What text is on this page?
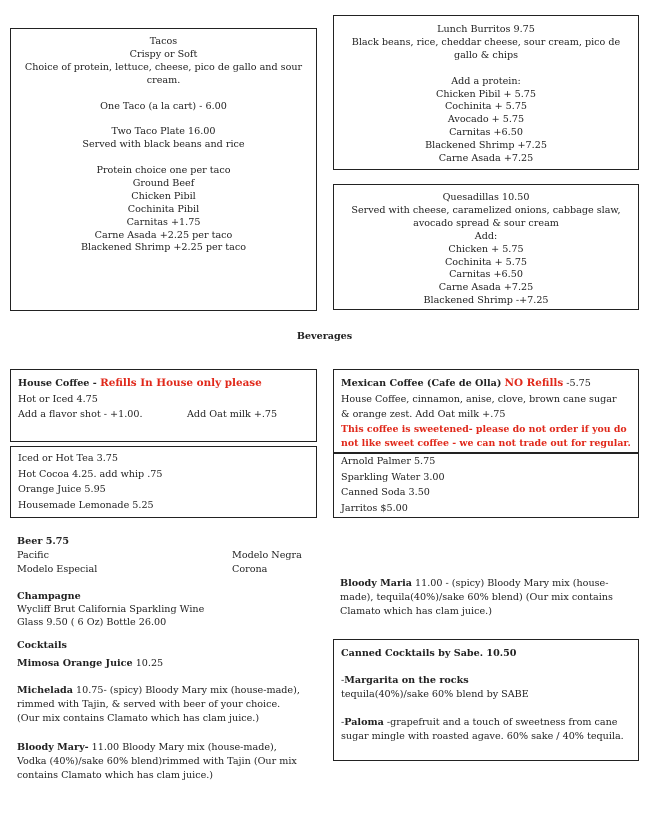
Tacos
Crispy or Soft
Choice of protein, lettuce, cheese, pico de gallo and sour
cream.
One Taco (a la cart) - 6.00
Two Taco Plate 16.00
Served with black beans and rice
Protein choice one per taco
Ground Beef
Chicken Pibil
Cochinita Pibil
Carnitas +1.75
Carne Asada +2.25 per taco
Blackened Shrimp +2.25 per taco
Lunch Burritos 9.75
Black beans, rice, cheddar cheese, sour cream, pico de
gallo & chips
Add a protein:
Chicken Pibil + 5.75
Cochinita + 5.75
Avocado + 5.75
Carnitas +6.50
Blackened Shrimp +7.25
Carne Asada +7.25
Quesadillas 10.50
Served with cheese, caramelized onions, cabbage slaw,
avocado spread & sour cream
Add:
Chicken + 5.75
Cochinita + 5.75
Carnitas +6.50
Carne Asada +7.25
Blackened Shrimp -+7.25
Beverages
House Coffee - Refills In House only please
Hot or Iced 4.75
Add a flavor shot - +1.00.	Add Oat milk +.75
Mexican Coffee (Cafe de Olla) NO Refills -5.75
House Coffee, cinnamon, anise, clove, brown cane sugar
& orange zest. Add Oat milk +.75
This coffee is sweetened- please do not order if you do
not like sweet coffee - we can not trade out for regular.
Iced or Hot Tea 3.75
Hot Cocoa 4.25. add whip .75
Orange Juice 5.95
Housemade Lemonade 5.25
Arnold Palmer 5.75
Sparkling Water 3.00
Canned Soda 3.50
Jarritos $5.00
Beer 5.75
Pacific	Modelo Negra
Modelo Especial	Corona
Champagne
Wycliff Brut California Sparkling Wine
Glass 9.50 ( 6 Oz) Bottle 26.00
Cocktails
Mimosa Orange Juice 10.25
Michelada 10.75- (spicy) Bloody Mary mix (house-made), rimmed with Tajin, & served with beer of your choice. (Our mix contains Clamato which has clam juice.)
Bloody Mary- 11.00 Bloody Mary mix (house-made), Vodka (40%)/sake 60% blend)rimmed with Tajin (Our mix contains Clamato which has clam juice.)
Bloody Maria 11.00 - (spicy) Bloody Mary mix (house-made), tequila(40%)/sake 60% blend) (Our mix contains Clamato which has clam juice.)
Canned Cocktails by Sabe. 10.50
-Margarita on the rocks
tequila(40%)/sake 60% blend by SABE
-Paloma -grapefruit and a touch of sweetness from cane sugar mingle with roasted agave. 60% sake / 40% tequila.
